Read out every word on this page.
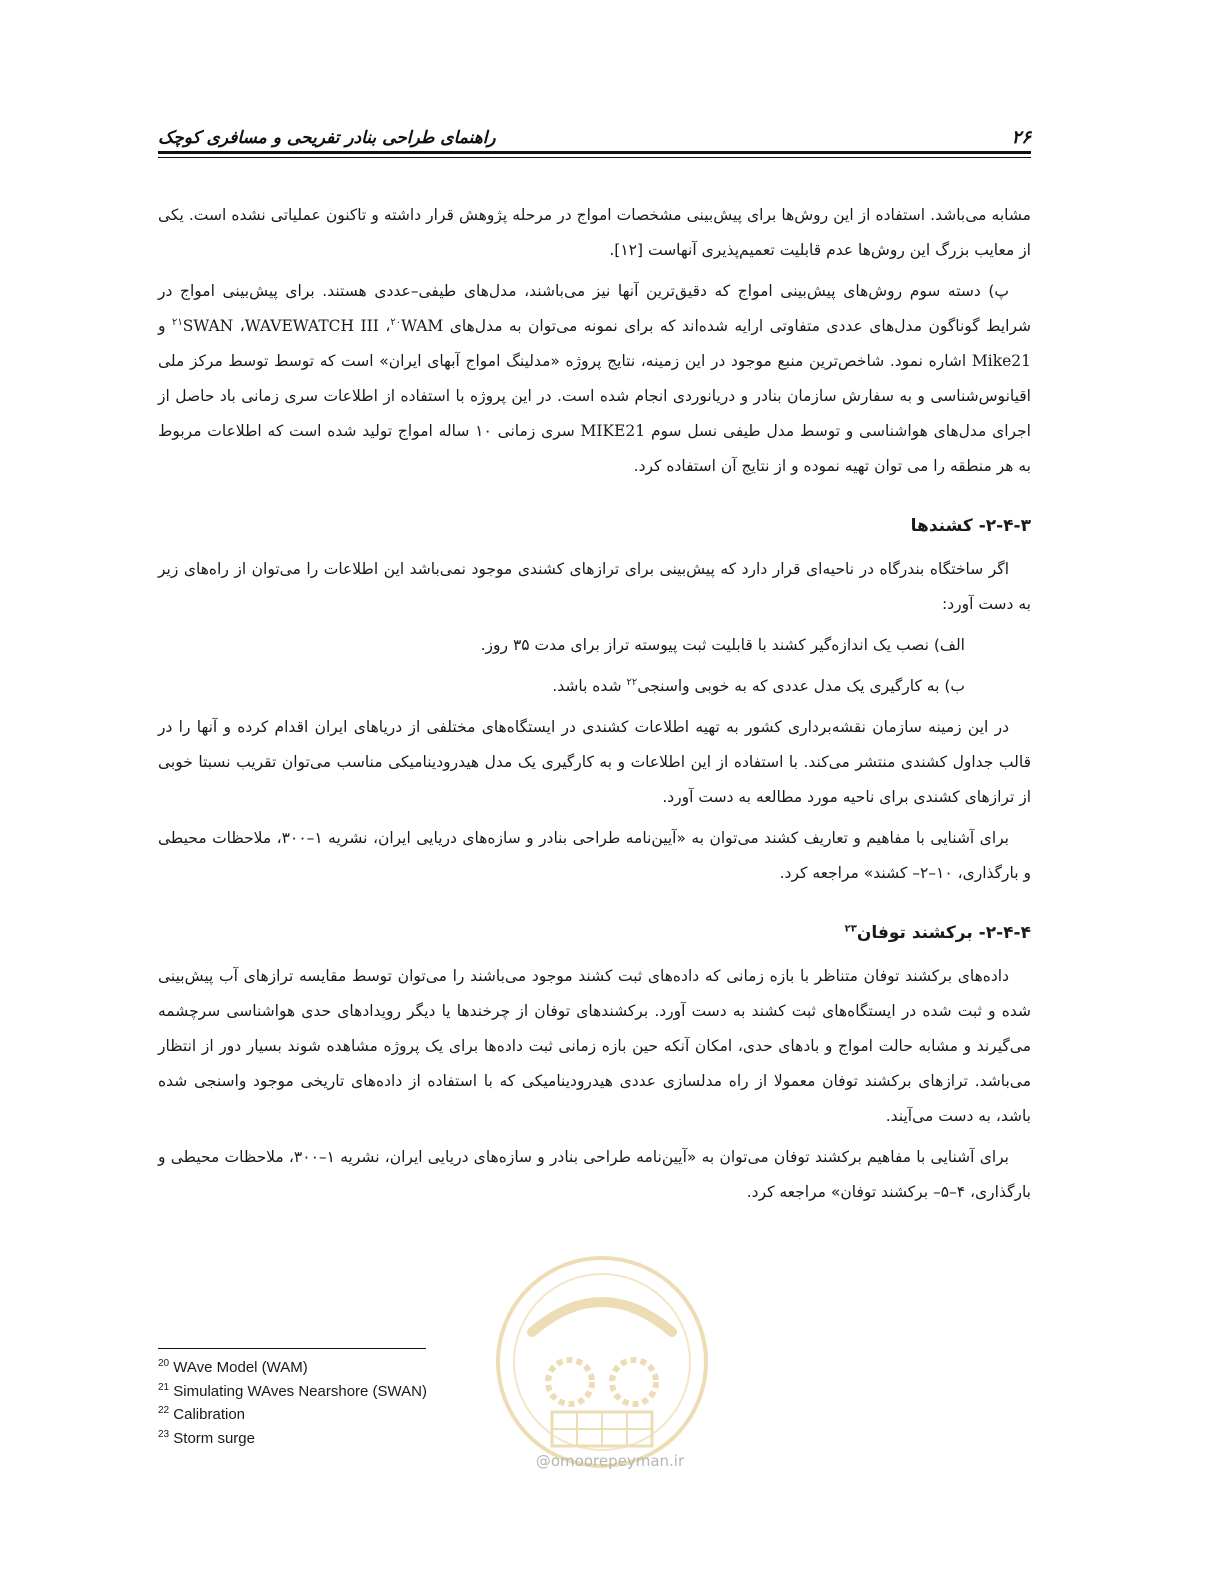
۲۶
راهنمای طراحی بنادر تفریحی و مسافری کوچک

مشابه می‌باشد. استفاده از این روش‌ها برای پیش‌بینی مشخصات امواج در مرحله پژوهش قرار داشته و تاکنون عملیاتی نشده است. یکی از معایب بزرگ این روش‌ها عدم قابلیت تعمیم‌پذیری آنهاست [۱۲].

پ) دسته سوم روش‌های پیش‌بینی امواج که دقیق‌ترین آنها نیز می‌باشند، مدل‌های طیفی–عددی هستند. برای پیش‌بینی امواج در شرایط گوناگون مدل‌های عددی متفاوتی ارایه شده‌اند که برای نمونه می‌توان به مدل‌های WAM$^{۲۰}$، WAVEWATCH III، SWAN$^{۲۱}$ و Mike21 اشاره نمود. شاخص‌ترین منبع موجود در این زمینه، نتایج پروژه «مدلینگ امواج آبهای ایران» است که توسط توسط مرکز ملی اقیانوس‌شناسی و به سفارش سازمان بنادر و دریانوردی انجام شده است. در این پروژه با استفاده از اطلاعات سری زمانی باد حاصل از اجرای مدل‌های هواشناسی و توسط مدل طیفی نسل سوم MIKE21 سری زمانی ۱۰ ساله امواج تولید شده است که اطلاعات مربوط به هر منطقه را می توان تهیه نموده و از نتایج آن استفاده کرد.

۲-۴-۳- کشندها

اگر ساختگاه بندرگاه در ناحیه‌ای قرار دارد که پیش‌بینی برای ترازهای کشندی موجود نمی‌باشد این اطلاعات را می‌توان از راه‌های زیر به دست آورد:

الف) نصب یک اندازه‌گیر کشند با قابلیت ثبت پیوسته تراز برای مدت ۳۵ روز.

ب) به کارگیری یک مدل عددی که به خوبی واسنجی$^{۲۲}$ شده باشد.

در این زمینه سازمان نقشه‌برداری کشور به تهیه اطلاعات کشندی در ایستگاه‌های مختلفی از دریاهای ایران اقدام کرده و آنها را در قالب جداول کشندی منتشر می‌کند. با استفاده از این اطلاعات و به کارگیری یک مدل هیدرودینامیکی مناسب می‌توان تقریب نسبتا خوبی از ترازهای کشندی برای ناحیه مورد مطالعه به دست آورد.

برای آشنایی با مفاهیم و تعاریف کشند می‌توان به «آیین‌نامه طراحی بنادر و سازه‌های دریایی ایران، نشریه ۱–۳۰۰، ملاحظات محیطی و بارگذاری، ۱۰–۲– کشند» مراجعه کرد.

۲-۴-۴- برکشند توفان$^{۲۳}$

داده‌های برکشند توفان متناظر با بازه زمانی که داده‌های ثبت کشند موجود می‌باشند را می‌توان توسط مقایسه ترازهای آب پیش‌بینی شده و ثبت شده در ایستگاه‌های ثبت کشند به دست آورد. برکشندهای توفان از چرخندها یا دیگر رویدادهای حدی هواشناسی سرچشمه می‌گیرند و مشابه حالت امواج و بادهای حدی، امکان آنکه حین بازه زمانی ثبت داده‌ها برای یک پروژه مشاهده شوند بسیار دور از انتظار می‌باشد. ترازهای برکشند توفان معمولا از راه مدلسازی عددی هیدرودینامیکی که با استفاده از داده‌های تاریخی موجود واسنجی شده باشد، به دست می‌آیند.

برای آشنایی با مفاهیم برکشند توفان می‌توان به «آیین‌نامه طراحی بنادر و سازه‌های دریایی ایران، نشریه ۱–۳۰۰، ملاحظات محیطی و بارگذاری، ۴–۵– برکشند توفان» مراجعه کرد.

$^{20}$ WAve Model (WAM)
$^{21}$ Simulating WAves Nearshore (SWAN)
$^{22}$ Calibration
$^{23}$ Storm surge
@omoorepeyman.ir
